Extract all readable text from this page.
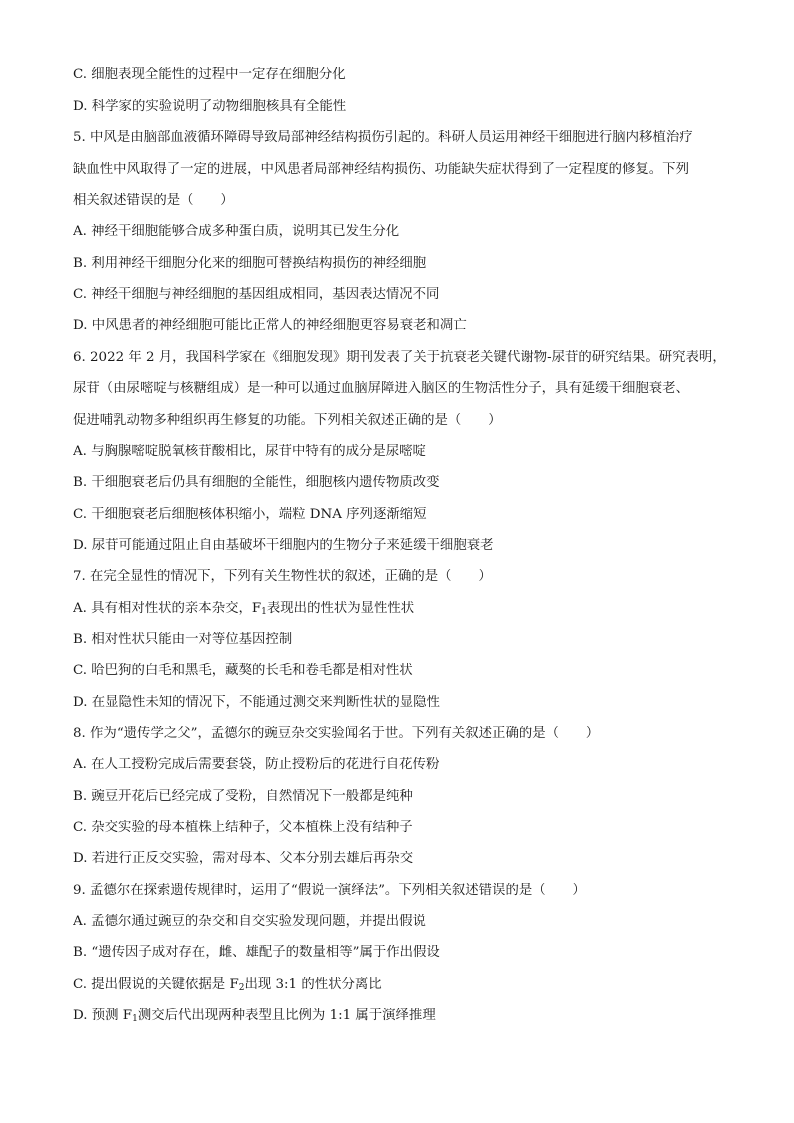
C. 细胞表现全能性的过程中一定存在细胞分化
D. 科学家的实验说明了动物细胞核具有全能性
5. 中风是由脑部血液循环障碍导致局部神经结构损伤引起的。科研人员运用神经干细胞进行脑内移植治疗
缺血性中风取得了一定的进展，中风患者局部神经结构损伤、功能缺失症状得到了一定程度的修复。下列
相关叙述错误的是（　　）
A. 神经干细胞能够合成多种蛋白质，说明其已发生分化
B. 利用神经干细胞分化来的细胞可替换结构损伤的神经细胞
C. 神经干细胞与神经细胞的基因组成相同，基因表达情况不同
D. 中风患者的神经细胞可能比正常人的神经细胞更容易衰老和凋亡
6. 2022 年 2 月，我国科学家在《细胞发现》期刊发表了关于抗衰老关键代谢物-尿苷的研究结果。研究表明，
尿苷（由尿嘧啶与核糖组成）是一种可以通过血脑屏障进入脑区的生物活性分子，具有延缓干细胞衰老、
促进哺乳动物多种组织再生修复的功能。下列相关叙述正确的是（　　）
A. 与胸腺嘧啶脱氧核苷酸相比，尿苷中特有的成分是尿嘧啶
B. 干细胞衰老后仍具有细胞的全能性，细胞核内遗传物质改变
C. 干细胞衰老后细胞核体积缩小，端粒 DNA 序列逐渐缩短
D. 尿苷可能通过阻止自由基破坏干细胞内的生物分子来延缓干细胞衰老
7. 在完全显性的情况下，下列有关生物性状的叙述，正确的是（　　）
A. 具有相对性状的亲本杂交，$F_1$表现出的性状为显性性状
B. 相对性状只能由一对等位基因控制
C. 哈巴狗的白毛和黑毛，藏獒的长毛和卷毛都是相对性状
D. 在显隐性未知的情况下，不能通过测交来判断性状的显隐性
8. 作为“遗传学之父”，孟德尔的豌豆杂交实验闻名于世。下列有关叙述正确的是（　　）
A. 在人工授粉完成后需要套袋，防止授粉后的花进行自花传粉
B. 豌豆开花后已经完成了受粉，自然情况下一般都是纯种
C. 杂交实验的母本植株上结种子，父本植株上没有结种子
D. 若进行正反交实验，需对母本、父本分别去雄后再杂交
9. 孟德尔在探索遗传规律时，运用了“假说一演绎法”。下列相关叙述错误的是（　　）
A. 孟德尔通过豌豆的杂交和自交实验发现问题，并提出假说
B. “遗传因子成对存在，雌、雄配子的数量相等”属于作出假设
C. 提出假说的关键依据是 $F_2$出现 3:1 的性状分离比
D. 预测 $F_1$测交后代出现两种表型且比例为 1:1 属于演绎推理
